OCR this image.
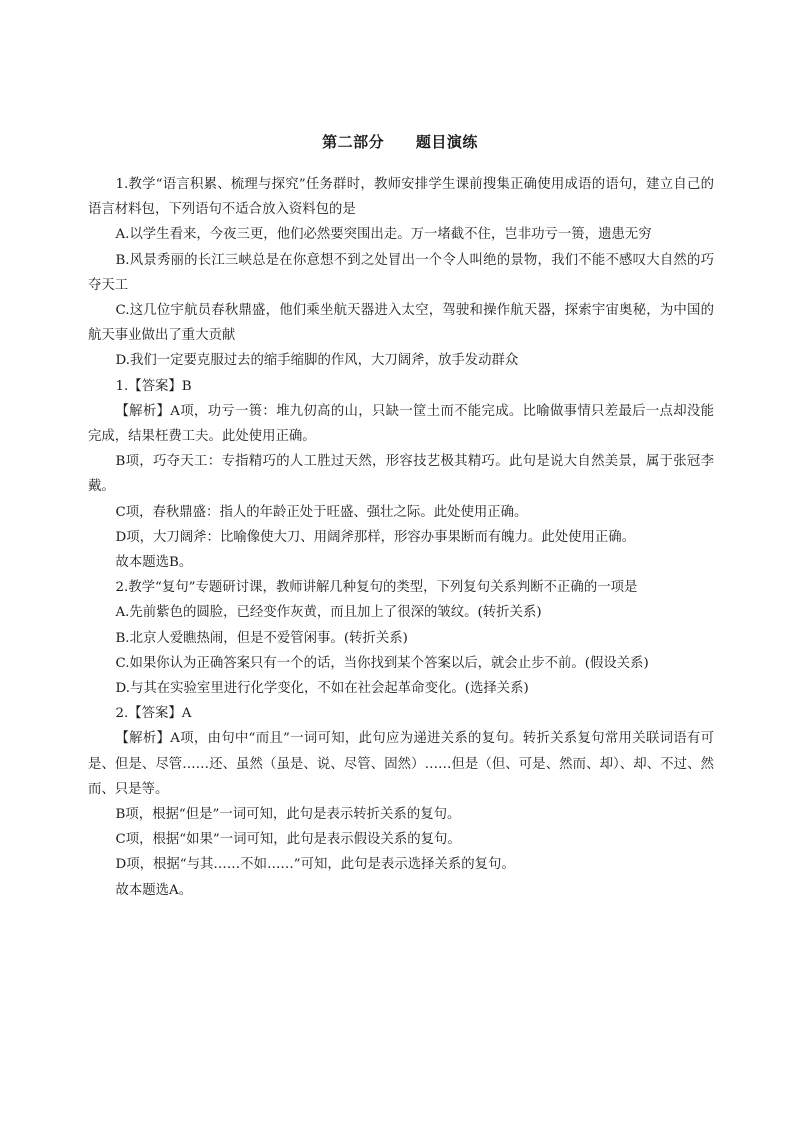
第二部分 题目演练

1.教学“语言积累、梳理与探究”任务群时，教师安排学生课前搜集正确使用成语的语句，建立自己的语言材料包，下列语句不适合放入资料包的是

A.以学生看来，今夜三更，他们必然要突围出走。万一堵截不住，岂非功亏一篑，遗患无穷

B.风景秀丽的长江三峡总是在你意想不到之处冒出一个令人叫绝的景物，我们不能不感叹大自然的巧夺天工

C.这几位宇航员春秋鼎盛，他们乘坐航天器进入太空，驾驶和操作航天器，探索宇宙奥秘，为中国的航天事业做出了重大贡献

D.我们一定要克服过去的缩手缩脚的作风，大刀阔斧，放手发动群众

1.【答案】B

【解析】A项，功亏一篑：堆九仞高的山，只缺一筐土而不能完成。比喻做事情只差最后一点却没能完成，结果枉费工夫。此处使用正确。

B项，巧夺天工：专指精巧的人工胜过天然，形容技艺极其精巧。此句是说大自然美景，属于张冠李戴。

C项，春秋鼎盛：指人的年龄正处于旺盛、强壮之际。此处使用正确。

D项，大刀阔斧：比喻像使大刀、用阔斧那样，形容办事果断而有魄力。此处使用正确。

故本题选B。

2.教学“复句”专题研讨课，教师讲解几种复句的类型，下列复句关系判断不正确的一项是

A.先前紫色的圆脸，已经变作灰黄，而且加上了很深的皱纹。(转折关系)

B.北京人爱瞧热闹，但是不爱管闲事。(转折关系)

C.如果你认为正确答案只有一个的话，当你找到某个答案以后，就会止步不前。(假设关系)

D.与其在实验室里进行化学变化，不如在社会起革命变化。(选择关系)

2.【答案】A

【解析】A项，由句中“而且”一词可知，此句应为递进关系的复句。转折关系复句常用关联词语有可是、但是、尽管……还、虽然（虽是、说、尽管、固然）……但是（但、可是、然而、却）、却、不过、然而、只是等。

B项，根据“但是”一词可知，此句是表示转折关系的复句。

C项，根据“如果”一词可知，此句是表示假设关系的复句。

D项，根据“与其……不如……”可知，此句是表示选择关系的复句。

故本题选A。
